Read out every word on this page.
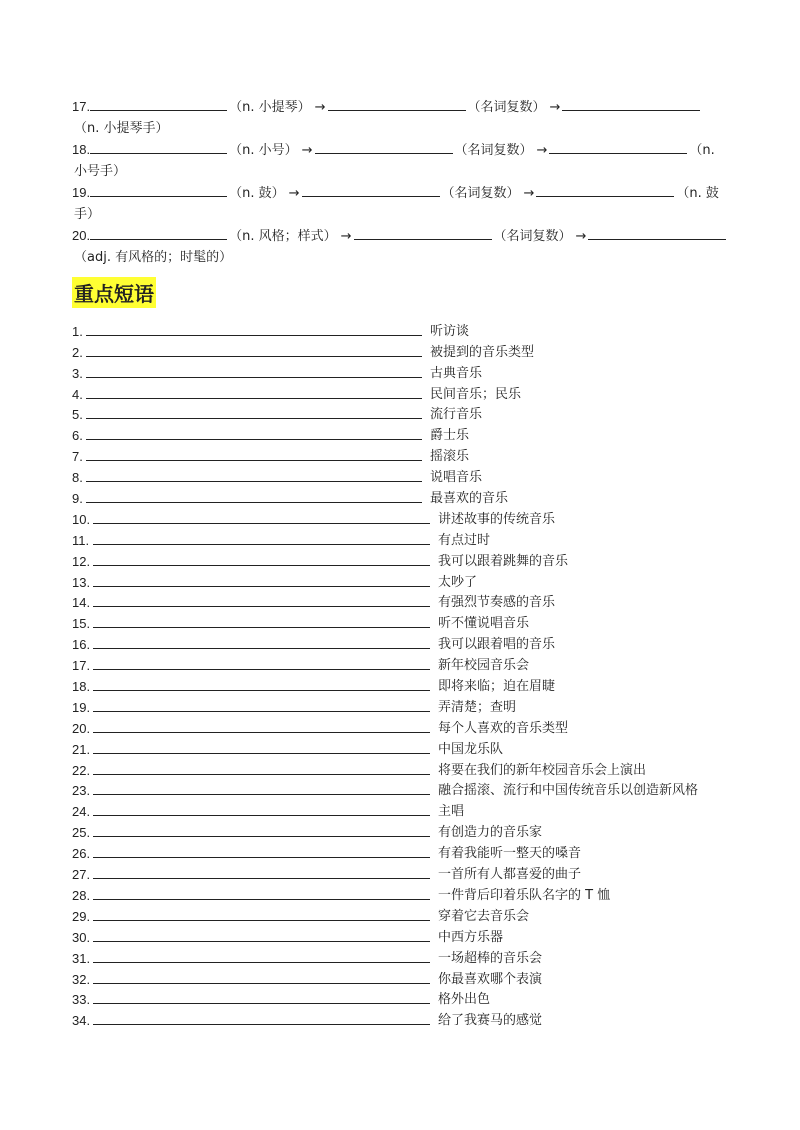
17.	（n. 小提琴） →	（名词复数） →
（n. 小提琴手）
18.	（n. 小号） →	（名词复数） →	（n.
小号手）
19.	（n. 鼓） →	（名词复数） →	（n. 鼓
手）
20.	（n. 风格；样式） →	（名词复数） →
（adj. 有风格的；时髦的）
重点短语
1.	听访谈
2.	被提到的音乐类型
3.	古典音乐
4.	民间音乐；民乐
5.	流行音乐
6.	爵士乐
7.	摇滚乐
8.	说唱音乐
9.	最喜欢的音乐
10.	讲述故事的传统音乐
11.	有点过时
12.	我可以跟着跳舞的音乐
13.	太吵了
14.	有强烈节奏感的音乐
15.	听不懂说唱音乐
16.	我可以跟着唱的音乐
17.	新年校园音乐会
18.	即将来临；迫在眉睫
19.	弄清楚；查明
20.	每个人喜欢的音乐类型
21.	中国龙乐队
22.	将要在我们的新年校园音乐会上演出
23.	融合摇滚、流行和中国传统音乐以创造新风格
24.	主唱
25.	有创造力的音乐家
26.	有着我能听一整天的嗓音
27.	一首所有人都喜爱的曲子
28.	一件背后印着乐队名字的 T 恤
29.	穿着它去音乐会
30.	中西方乐器
31.	一场超棒的音乐会
32.	你最喜欢哪个表演
33.	格外出色
34.	给了我赛马的感觉
